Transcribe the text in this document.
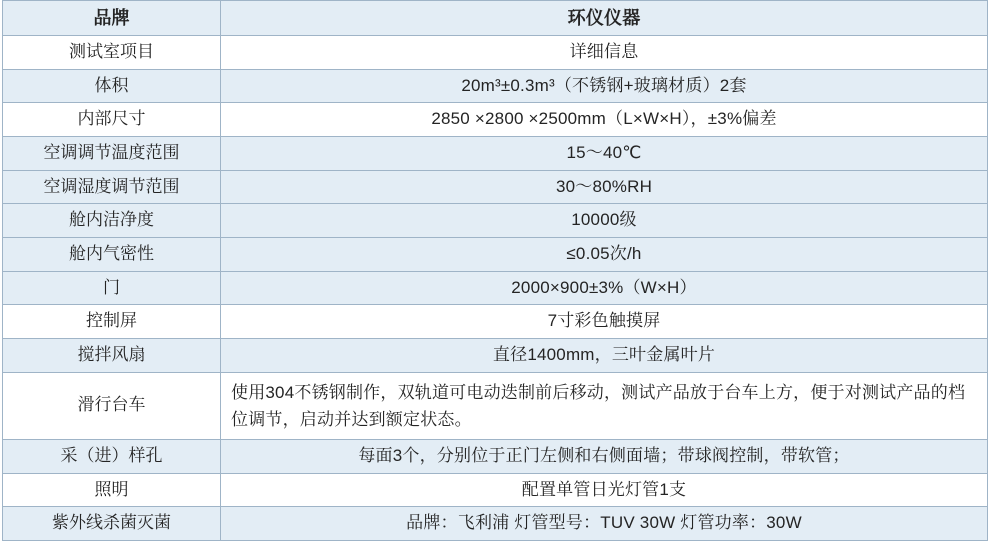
品牌	环仪仪器
测试室项目	详细信息
体积	20m³±0.3m³（不锈钢+玻璃材质）2套
内部尺寸	2850 ×2800 ×2500mm（L×W×H），±3%偏差
空调调节温度范围	15～40℃
空调湿度调节范围	30～80%RH
舱内洁净度	10000级
舱内气密性	≤0.05次/h
门	2000×900±3%（W×H）
控制屏	7寸彩色触摸屏
搅拌风扇	直径1400mm，三叶金属叶片
滑行台车	使用304不锈钢制作，双轨道可电动迭制前后移动，测试产品放于台车上方，便于对测试产品的档位调节，启动并达到额定状态。
采（进）样孔	每面3个，分别位于正门左侧和右侧面墙；带球阀控制，带软管；
照明	配置单管日光灯管1支
紫外线杀菌灭菌	品牌：飞利浦 灯管型号：TUV 30W 灯管功率：30W
